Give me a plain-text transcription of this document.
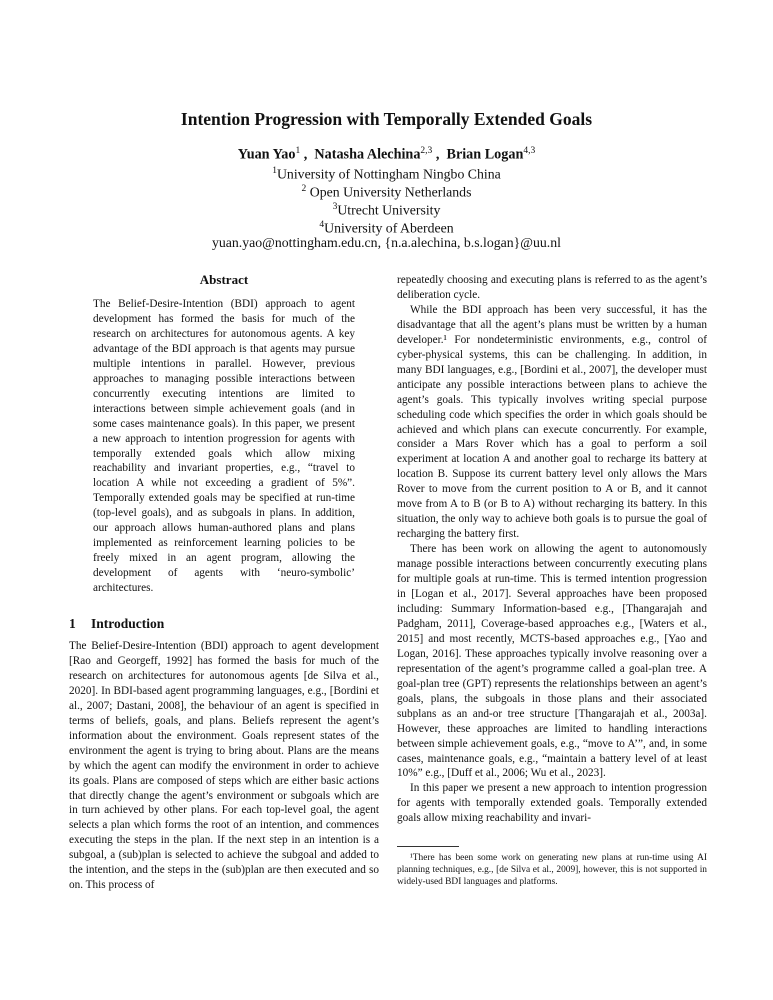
Intention Progression with Temporally Extended Goals
Yuan Yao$^1$ ,  Natasha Alechina$^{2,3}$ ,  Brian Logan$^{4,3}$
$^1$University of Nottingham Ningbo China
$^2$ Open University Netherlands
$^3$Utrecht University
$^4$University of Aberdeen
yuan.yao@nottingham.edu.cn, {n.a.alechina, b.s.logan}@uu.nl
Abstract
The Belief-Desire-Intention (BDI) approach to agent development has formed the basis for much of the research on architectures for autonomous agents. A key advantage of the BDI approach is that agents may pursue multiple intentions in parallel. However, previous approaches to managing possible interactions between concurrently executing intentions are limited to interactions between simple achievement goals (and in some cases maintenance goals). In this paper, we present a new approach to intention progression for agents with temporally extended goals which allow mixing reachability and invariant properties, e.g., “travel to location A while not exceeding a gradient of 5%”. Temporally extended goals may be specified at run-time (top-level goals), and as subgoals in plans. In addition, our approach allows human-authored plans and plans implemented as reinforcement learning policies to be freely mixed in an agent program, allowing the development of agents with ‘neuro-symbolic’ architectures.
1 Introduction
The Belief-Desire-Intention (BDI) approach to agent development [Rao and Georgeff, 1992] has formed the basis for much of the research on architectures for autonomous agents [de Silva et al., 2020]. In BDI-based agent programming languages, e.g., [Bordini et al., 2007; Dastani, 2008], the behaviour of an agent is specified in terms of beliefs, goals, and plans. Beliefs represent the agent’s information about the environment. Goals represent states of the environment the agent is trying to bring about. Plans are the means by which the agent can modify the environment in order to achieve its goals. Plans are composed of steps which are either basic actions that directly change the agent’s environment or subgoals which are in turn achieved by other plans. For each top-level goal, the agent selects a plan which forms the root of an intention, and commences executing the steps in the plan. If the next step in an intention is a subgoal, a (sub)plan is selected to achieve the subgoal and added to the intention, and the steps in the (sub)plan are then executed and so on. This process of

repeatedly choosing and executing plans is referred to as the agent’s deliberation cycle.

While the BDI approach has been very successful, it has the disadvantage that all the agent’s plans must be written by a human developer.¹ For nondeterministic environments, e.g., control of cyber-physical systems, this can be challenging. In addition, in many BDI languages, e.g., [Bordini et al., 2007], the developer must anticipate any possible interactions between plans to achieve the agent’s goals. This typically involves writing special purpose scheduling code which specifies the order in which goals should be achieved and which plans can execute concurrently. For example, consider a Mars Rover which has a goal to perform a soil experiment at location A and another goal to recharge its battery at location B. Suppose its current battery level only allows the Mars Rover to move from the current position to A or B, and it cannot move from A to B (or B to A) without recharging its battery. In this situation, the only way to achieve both goals is to pursue the goal of recharging the battery first.

There has been work on allowing the agent to autonomously manage possible interactions between concurrently executing plans for multiple goals at run-time. This is termed intention progression in [Logan et al., 2017]. Several approaches have been proposed including: Summary Information-based e.g., [Thangarajah and Padgham, 2011], Coverage-based approaches e.g., [Waters et al., 2015] and most recently, MCTS-based approaches e.g., [Yao and Logan, 2016]. These approaches typically involve reasoning over a representation of the agent’s programme called a goal-plan tree. A goal-plan tree (GPT) represents the relationships between an agent’s goals, plans, the subgoals in those plans and their associated subplans as an and-or tree structure [Thangarajah et al., 2003a]. However, these approaches are limited to handling interactions between simple achievement goals, e.g., “move to A’”, and, in some cases, maintenance goals, e.g., “maintain a battery level of at least 10%” e.g., [Duff et al., 2006; Wu et al., 2023].

In this paper we present a new approach to intention progression for agents with temporally extended goals. Temporally extended goals allow mixing reachability and invari-

¹There has been some work on generating new plans at run-time using AI planning techniques, e.g., [de Silva et al., 2009], however, this is not supported in widely-used BDI languages and platforms.
